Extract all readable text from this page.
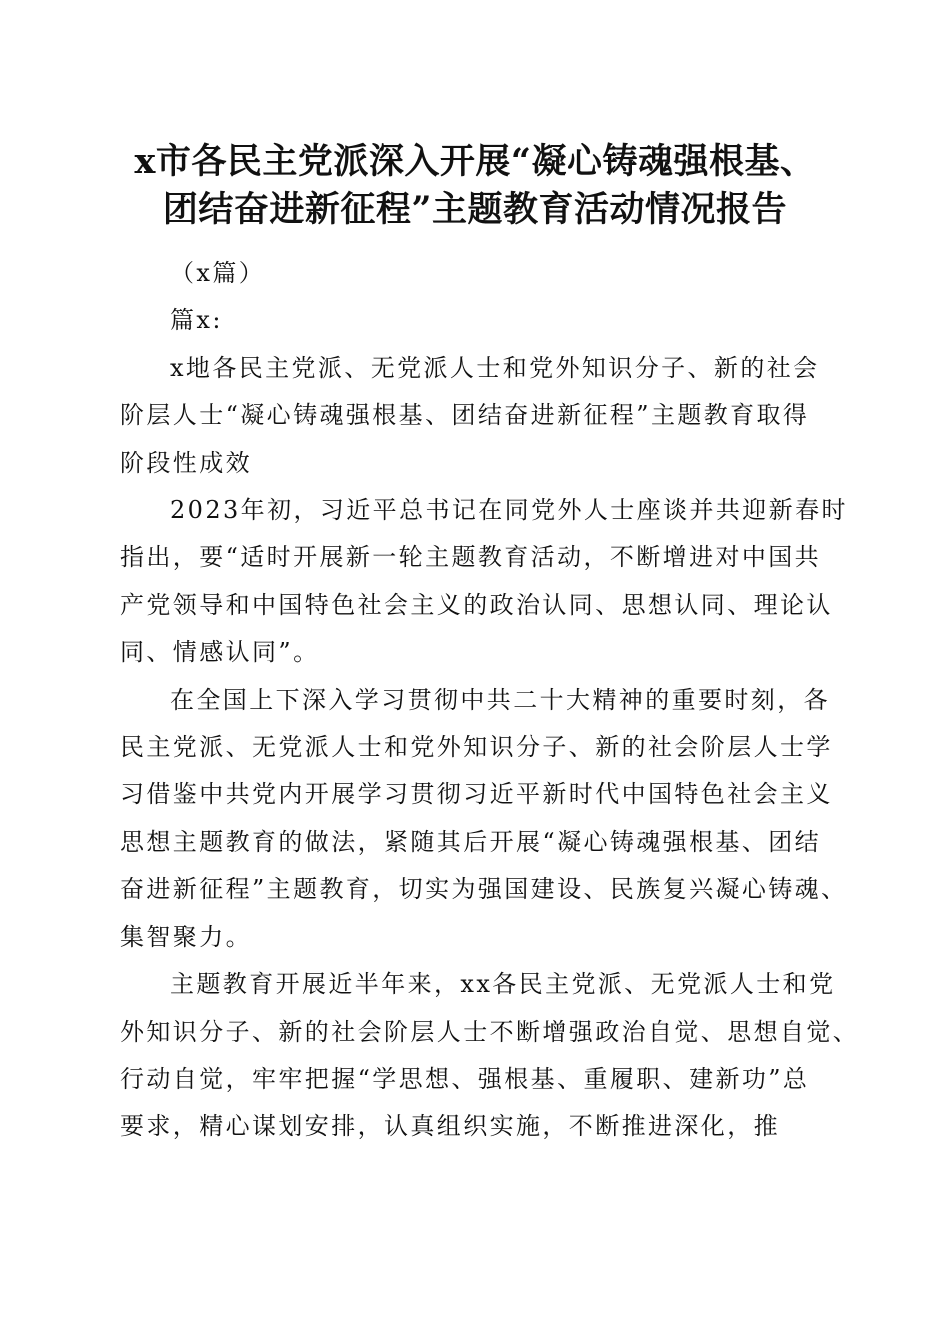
x市各民主党派深入开展“凝心铸魂强根基、
团结奋进新征程”主题教育活动情况报告
（x篇）
篇x:
x地各民主党派、无党派人士和党外知识分子、新的社会
阶层人士“凝心铸魂强根基、团结奋进新征程”主题教育取得
阶段性成效
2023年初，习近平总书记在同党外人士座谈并共迎新春时
指出，要“适时开展新一轮主题教育活动，不断增进对中国共
产党领导和中国特色社会主义的政治认同、思想认同、理论认
同、情感认同”。
在全国上下深入学习贯彻中共二十大精神的重要时刻，各
民主党派、无党派人士和党外知识分子、新的社会阶层人士学
习借鉴中共党内开展学习贯彻习近平新时代中国特色社会主义
思想主题教育的做法，紧随其后开展“凝心铸魂强根基、团结
奋进新征程”主题教育，切实为强国建设、民族复兴凝心铸魂、
集智聚力。
主题教育开展近半年来，xx各民主党派、无党派人士和党
外知识分子、新的社会阶层人士不断增强政治自觉、思想自觉、
行动自觉，牢牢把握“学思想、强根基、重履职、建新功”总
要求，精心谋划安排，认真组织实施，不断推进深化，推
